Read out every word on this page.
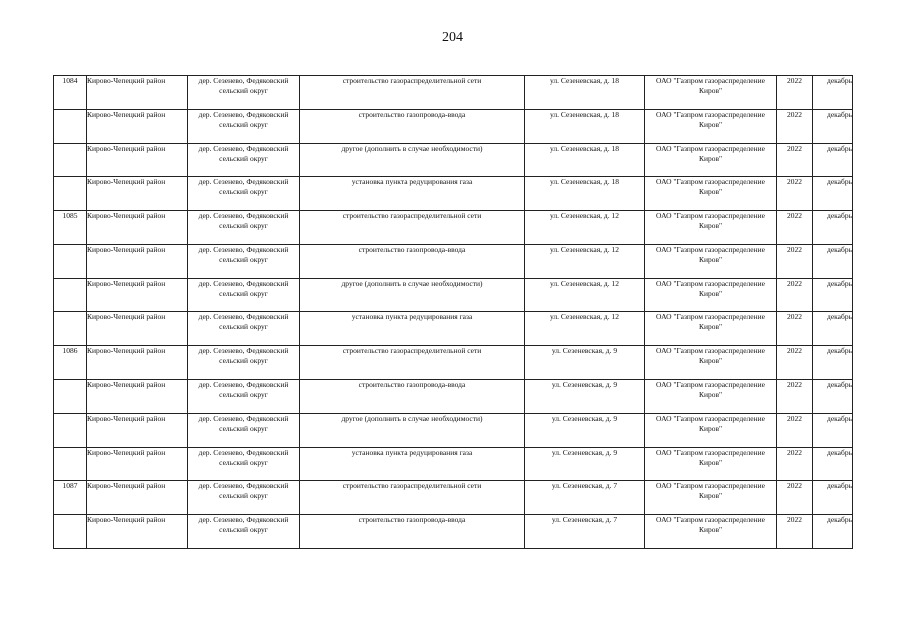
204
1084	Кирово-Чепецкий район	дер. Сезенево, Федяковский сельский округ	строительство газораспределительной сети	ул. Сезеневская, д. 18	ОАО "Газпром газораспределение Киров"	2022	декабрь
	Кирово-Чепецкий район	дер. Сезенево, Федяковский сельский округ	строительство газопровода-ввода	ул. Сезеневская, д. 18	ОАО "Газпром газораспределение Киров"	2022	декабрь
	Кирово-Чепецкий район	дер. Сезенево, Федяковский сельский округ	другое (дополнить в случае необходимости)	ул. Сезеневская, д. 18	ОАО "Газпром газораспределение Киров"	2022	декабрь
	Кирово-Чепецкий район	дер. Сезенево, Федяковский сельский округ	установка пункта редуцирования газа	ул. Сезеневская, д. 18	ОАО "Газпром газораспределение Киров"	2022	декабрь
1085	Кирово-Чепецкий район	дер. Сезенево, Федяковский сельский округ	строительство газораспределительной сети	ул. Сезеневская, д. 12	ОАО "Газпром газораспределение Киров"	2022	декабрь
	Кирово-Чепецкий район	дер. Сезенево, Федяковский сельский округ	строительство газопровода-ввода	ул. Сезеневская, д. 12	ОАО "Газпром газораспределение Киров"	2022	декабрь
	Кирово-Чепецкий район	дер. Сезенево, Федяковский сельский округ	другое (дополнить в случае необходимости)	ул. Сезеневская, д. 12	ОАО "Газпром газораспределение Киров"	2022	декабрь
	Кирово-Чепецкий район	дер. Сезенево, Федяковский сельский округ	установка пункта редуцирования газа	ул. Сезеневская, д. 12	ОАО "Газпром газораспределение Киров"	2022	декабрь
1086	Кирово-Чепецкий район	дер. Сезенево, Федяковский сельский округ	строительство газораспределительной сети	ул. Сезеневская, д. 9	ОАО "Газпром газораспределение Киров"	2022	декабрь
	Кирово-Чепецкий район	дер. Сезенево, Федяковский сельский округ	строительство газопровода-ввода	ул. Сезеневская, д. 9	ОАО "Газпром газораспределение Киров"	2022	декабрь
	Кирово-Чепецкий район	дер. Сезенево, Федяковский сельский округ	другое (дополнить в случае необходимости)	ул. Сезеневская, д. 9	ОАО "Газпром газораспределение Киров"	2022	декабрь
	Кирово-Чепецкий район	дер. Сезенево, Федяковский сельский округ	установка пункта редуцирования газа	ул. Сезеневская, д. 9	ОАО "Газпром газораспределение Киров"	2022	декабрь
1087	Кирово-Чепецкий район	дер. Сезенево, Федяковский сельский округ	строительство газораспределительной сети	ул. Сезеневская, д. 7	ОАО "Газпром газораспределение Киров"	2022	декабрь
	Кирово-Чепецкий район	дер. Сезенево, Федяковский сельский округ	строительство газопровода-ввода	ул. Сезеневская, д. 7	ОАО "Газпром газораспределение Киров"	2022	декабрь
